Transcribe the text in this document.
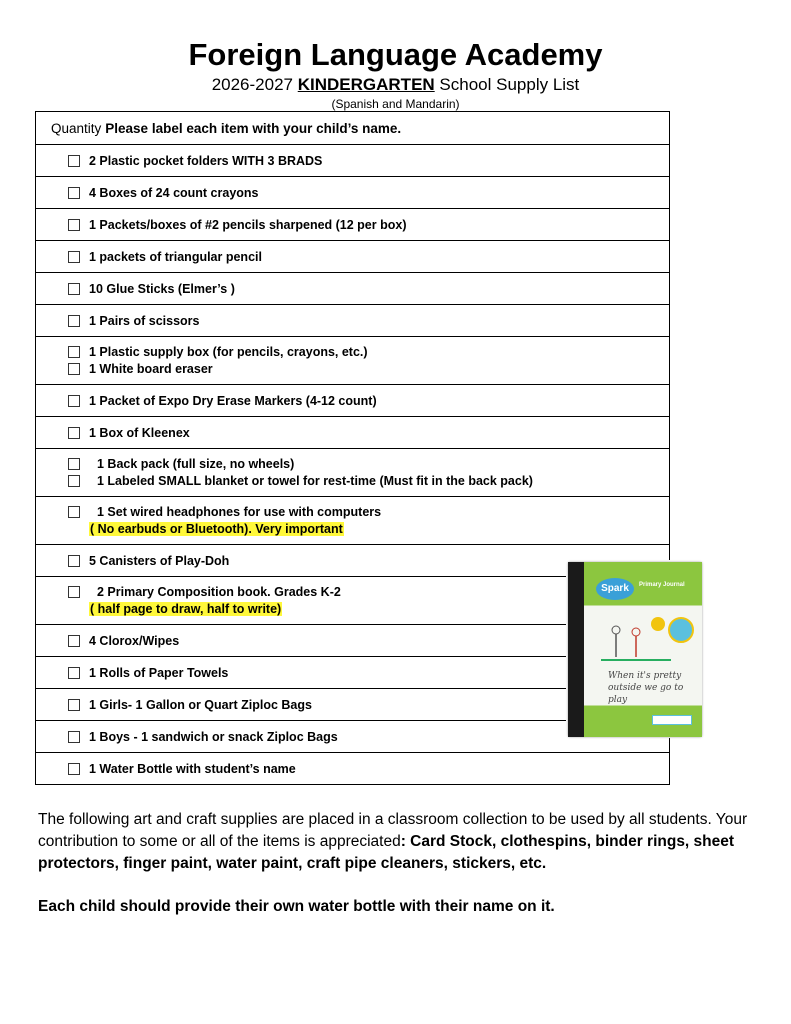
Foreign Language Academy
2026-2027 KINDERGARTEN School Supply List
(Spanish and Mandarin)
Quantity Please label each item with your child’s name.
2 Plastic pocket folders WITH 3 BRADS
4 Boxes of 24 count crayons
1 Packets/boxes of #2 pencils sharpened (12 per box)
1 packets of triangular pencil
10 Glue Sticks (Elmer’s )
1 Pairs of scissors
1 Plastic supply box (for pencils, crayons, etc.)
1 White board eraser
1 Packet of Expo Dry Erase Markers (4-12 count)
1 Box of Kleenex
1 Back pack (full size, no wheels)
1 Labeled SMALL blanket or towel for rest-time (Must fit in the back pack)
1 Set wired headphones for use with computers
( No earbuds or Bluetooth). Very important
5 Canisters of Play-Doh
2 Primary Composition book. Grades K-2
( half page to draw, half to write)
4 Clorox/Wipes
1 Rolls of Paper Towels
1 Girls- 1 Gallon or Quart Ziploc Bags
1 Boys - 1 sandwich or snack Ziploc Bags
1 Water Bottle with student’s name
Spark	Primary Journal
When it's pretty outside we go to play
The following art and craft supplies are placed in a classroom collection to be used by all students. Your contribution to some or all of the items is appreciated: Card Stock, clothespins, binder rings, sheet protectors, finger paint, water paint, craft pipe cleaners, stickers, etc.
Each child should provide their own water bottle with their name on it.
